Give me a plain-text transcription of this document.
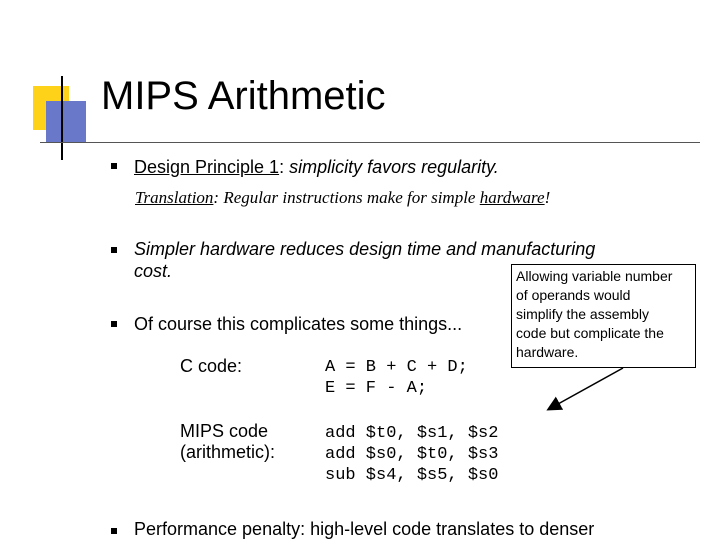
MIPS Arithmetic
Design Principle 1: simplicity favors regularity.
Translation: Regular instructions make for simple hardware!
Simpler hardware reduces design time and manufacturing
cost.
Of course this complicates some things...
C code:	A = B + C + D;
E = F - A;
MIPS code
(arithmetic):
add $t0, $s1, $s2
add $s0, $t0, $s3
sub $s4, $s5, $s0
Performance penalty: high-level code translates to denser
Allowing variable number
of operands would
simplify the assembly
code but complicate the
hardware.
